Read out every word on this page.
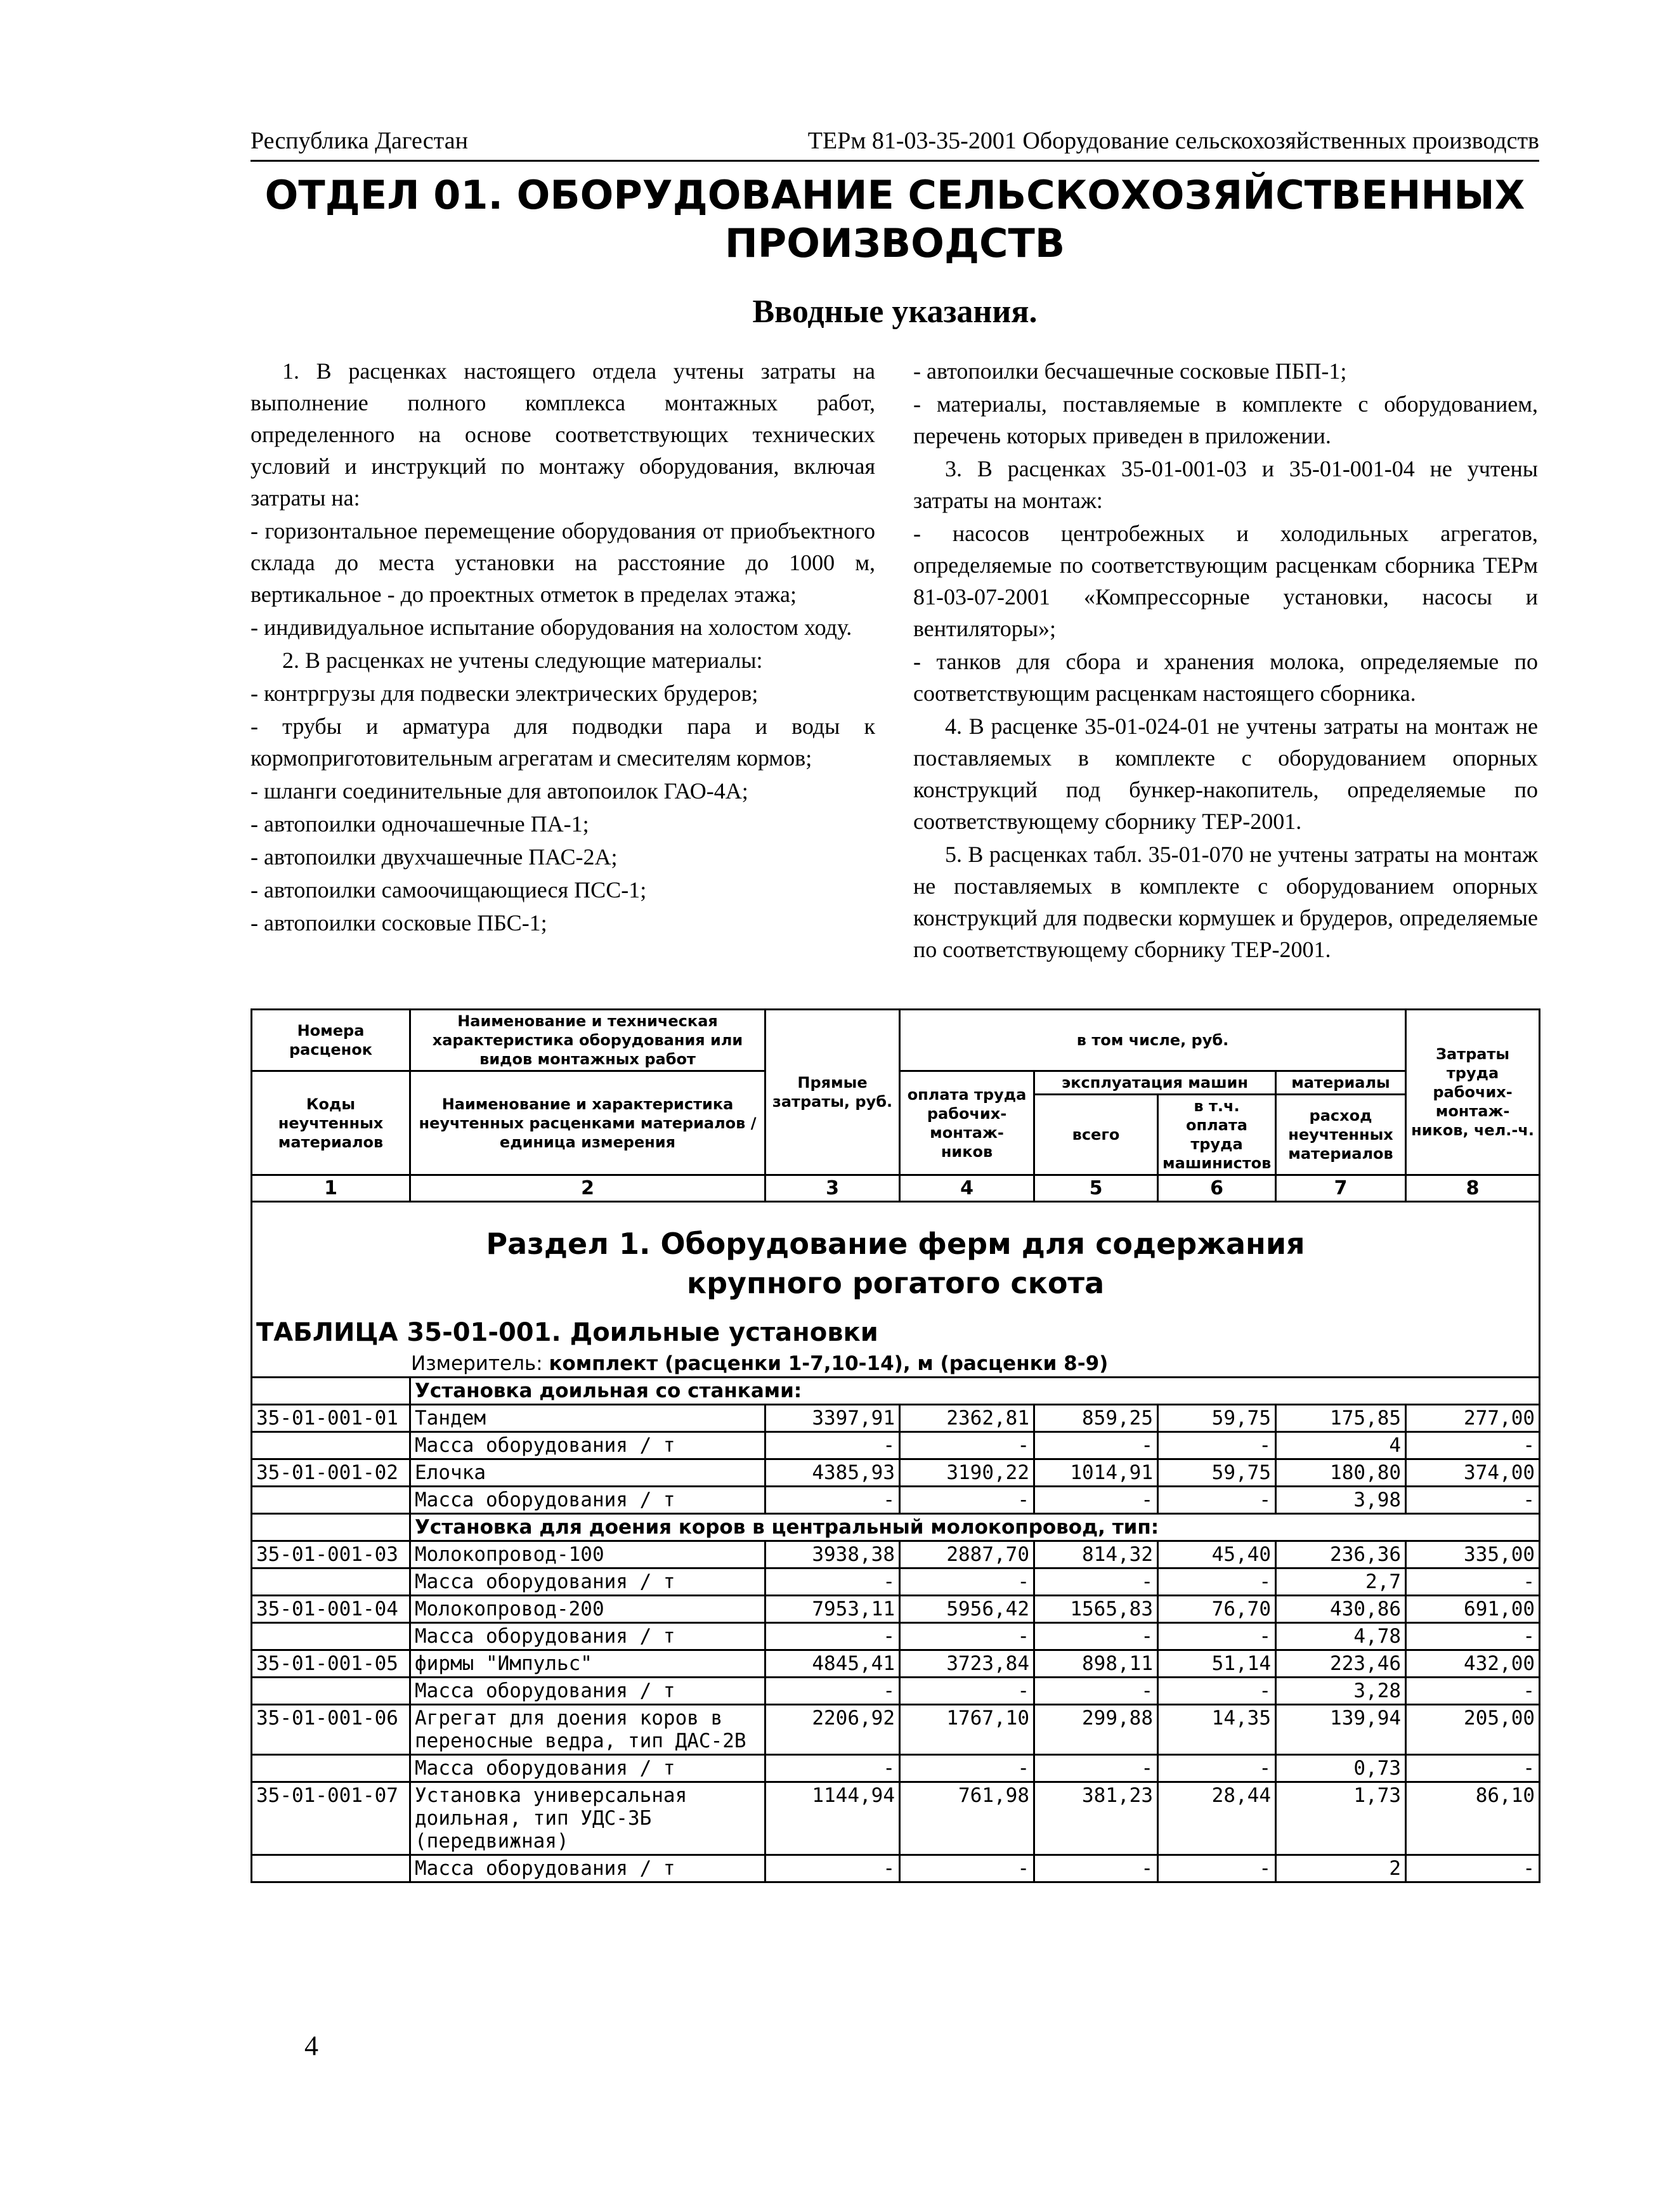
Республика Дагестан	ТЕРм 81-03-35-2001 Оборудование сельскохозяйственных производств
ОТДЕЛ 01. ОБОРУДОВАНИЕ СЕЛЬСКОХОЗЯЙСТВЕННЫХ
ПРОИЗВОДСТВ
Вводные указания.

1. В расценках настоящего отдела учтены затраты на выполнение полного комплекса монтажных работ, определенного на основе соответствующих технических условий и инструкций по монтажу оборудования, включая затраты на:

- горизонтальное перемещение оборудования от приобъектного склада до места установки на расстояние до 1000 м, вертикальное - до проектных отметок в пределах этажа;

- индивидуальное испытание оборудования на холостом ходу.

2. В расценках не учтены следующие материалы:

- контргрузы для подвески электрических брудеров;

- трубы и арматура для подводки пара и воды к кормоприготовительным агрегатам и смесителям кормов;

- шланги соединительные для автопоилок ГАО-4А;

- автопоилки одночашечные ПА-1;

- автопоилки двухчашечные ПАС-2А;

- автопоилки самоочищающиеся ПСС-1;

- автопоилки сосковые ПБС-1;

- автопоилки бесчашечные сосковые ПБП-1;

- материалы, поставляемые в комплекте с оборудованием, перечень которых приведен в приложении.

3. В расценках 35-01-001-03 и 35-01-001-04 не учтены затраты на монтаж:

- насосов центробежных и холодильных агрегатов, определяемые по соответствующим расценкам сборника ТЕРм 81-03-07-2001 «Компрессорные установки, насосы и вентиляторы»;

- танков для сбора и хранения молока, определяемые по соответствующим расценкам настоящего сборника.

4. В расценке 35-01-024-01 не учтены затраты на монтаж не поставляемых в комплекте с оборудованием опорных конструкций под бункер-накопитель, определяемые по соответствующему сборнику ТЕР-2001.

5. В расценках табл. 35-01-070 не учтены затраты на монтаж не поставляемых в комплекте с оборудованием опорных конструкций для подвески кормушек и брудеров, определяемые по соответствующему сборнику ТЕР-2001.

Номера расценок	Наименование и техническая характеристика оборудования или видов монтажных работ	Прямые затраты, руб.	в том числе, руб.				Затраты труда рабочих-монтаж-ников, чел.-ч.
Коды неучтенных материалов	Наименование и характеристика неучтенных расценками материалов / единица измерения		оплата труда рабочих-монтаж-ников	эксплуатация машин		материалы	
				всего	в т.ч. оплата труда машинистов	расход неучтенных материалов	
1	2	3	4	5	6	7	8

Раздел 1. Оборудование ферм для содержания
крупного рогатого скота							

ТАБЛИЦА 35-01-001. Доильные установки							
Измеритель: комплект (расценки 1-7,10-14), м (расценки 8-9)							
	Установка доильная со станками:						
35-01-001-01	Тандем	3397,91	2362,81	859,25	59,75	175,85	277,00
	Масса оборудования / т	-	-	-	-	4	-
35-01-001-02	Елочка	4385,93	3190,22	1014,91	59,75	180,80	374,00
	Масса оборудования / т	-	-	-	-	3,98	-
	Установка для доения коров в центральный молокопровод, тип:						
35-01-001-03	Молокопровод-100	3938,38	2887,70	814,32	45,40	236,36	335,00
	Масса оборудования / т	-	-	-	-	2,7	-
35-01-001-04	Молокопровод-200	7953,11	5956,42	1565,83	76,70	430,86	691,00
	Масса оборудования / т	-	-	-	-	4,78	-
35-01-001-05	фирмы "Импульс"	4845,41	3723,84	898,11	51,14	223,46	432,00
	Масса оборудования / т	-	-	-	-	3,28	-
35-01-001-06	Агрегат для доения коров в переносные ведра, тип ДАС-2В	2206,92	1767,10	299,88	14,35	139,94	205,00
	Масса оборудования / т	-	-	-	-	0,73	-
35-01-001-07	Установка универсальная доильная, тип УДС-3Б (передвижная)	1144,94	761,98	381,23	28,44	1,73	86,10
	Масса оборудования / т	-	-	-	-	2	-
4
